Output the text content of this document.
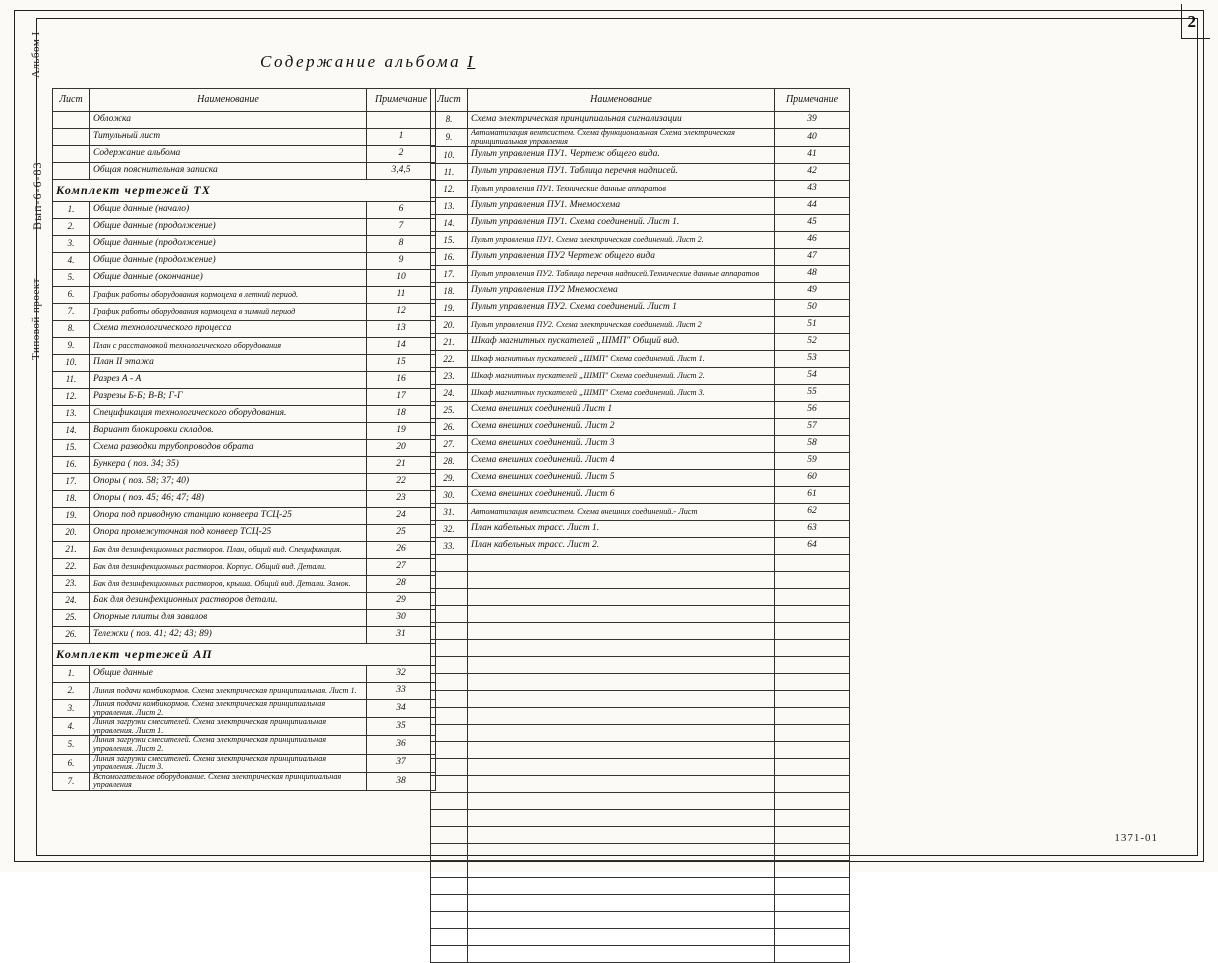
2
Альбом I
Вып-6-6-83
Типовой проект
Содержание альбома I
Лист	Наименование	Примечание
	Обложка	
	Титульный лист	1
	Содержание альбома	2
	Общая пояснительная записка	3,4,5
Комплект чертежей ТХ		
1.	Общие данные (начало)	6
2.	Общие данные (продолжение)	7
3.	Общие данные (продолжение)	8
4.	Общие данные (продолжение)	9
5.	Общие данные (окончание)	10
6.	График работы оборудования кормоцеха в летний период.	11
7.	График работы оборудования кормоцеха в зимний период	12
8.	Схема технологического процесса	13
9.	План с расстановкой технологического оборудования	14
10.	План II этажа	15
11.	Разрез А - А	16
12.	Разрезы Б-Б; В-В; Г-Г	17
13.	Спецификация технологического оборудования.	18
14.	Вариант блокировки складов.	19
15.	Схема разводки трубопроводов обрата	20
16.	Бункера ( поз. 34; 35)	21
17.	Опоры ( поз. 58; 37; 40)	22
18.	Опоры ( поз. 45; 46; 47; 48)	23
19.	Опора под приводную станцию конвеера ТСЦ-25	24
20.	Опора промежуточная под конвеер ТСЦ-25	25
21.	Бак для дезинфекционных растворов. План, общий вид. Спецификация.	26
22.	Бак для дезинфекционных растворов. Корпус. Общий вид. Детали.	27
23.	Бак для дезинфекционных растворов, крыша. Общий вид. Детали. Замок.	28
24.	Бак для дезинфекционных растворов детали.	29
25.	Опорные плиты для завалов	30
26.	Тележки ( поз. 41; 42; 43; 89)	31
Комплект чертежей АП		
1.	Общие данные	32
2.	Линия подачи комбикормов. Схема электрическая принципиальная. Лист 1.	33
3.	Линия подачи комбикормов. Схема электрическая принципиальная управления. Лист 2.	34
4.	Линия загрузки смесителей. Схема электрическая принципиальная управления. Лист 1.	35
5.	Линия загрузки смесителей. Схема электрическая принципиальная управления. Лист 2.	36
6.	Линия загрузки смесителей. Схема электрическая принципиальная управления. Лист 3.	37
7.	Вспомогательное оборудование. Схема электрическая принципиальная управления	38
Лист	Наименование	Примечание
8.	Схема электрическая принципиальная сигнализации	39
9.	Автоматизация вентсистем. Схема функциональная Схема электрическая принципиальная управления	40
10.	Пульт управления ПУ1. Чертеж общего вида.	41
11.	Пульт управления ПУ1. Таблица перечня надписей.	42
12.	Пульт управления ПУ1. Технические данные аппаратов	43
13.	Пульт управления ПУ1. Мнемосхема	44
14.	Пульт управления ПУ1. Схема соединений. Лист 1.	45
15.	Пульт управления ПУ1. Схема электрическая соединений. Лист 2.	46
16.	Пульт управления ПУ2 Чертеж общего вида	47
17.	Пульт управления ПУ2. Таблица перечня надписей.Технические данные аппаратов	48
18.	Пульт управления ПУ2 Мнемосхема	49
19.	Пульт управления ПУ2. Схема соединений. Лист 1	50
20.	Пульт управления ПУ2. Схема электрическая соединений. Лист 2	51
21.	Шкаф магнитных пускателей „ШМП" Общий вид.	52
22.	Шкаф магнитных пускателей „ШМП" Схема соединений. Лист 1.	53
23.	Шкаф магнитных пускателей „ШМП" Схема соединений. Лист 2.	54
24.	Шкаф магнитных пускателей „ШМП" Схема соединений. Лист 3.	55
25.	Схема внешних соединений Лист 1	56
26.	Схема внешних соединений. Лист 2	57
27.	Схема внешних соединений. Лист 3	58
28.	Схема внешних соединений. Лист 4	59
29.	Схема внешних соединений. Лист 5	60
30.	Схема внешних соединений. Лист 6	61
31.	Автоматизация вентсистем. Схема внешних соединений.- Лист	62
32.	План кабельных трасс. Лист 1.	63
33.	План кабельных трасс. Лист 2.	64

1371-01
